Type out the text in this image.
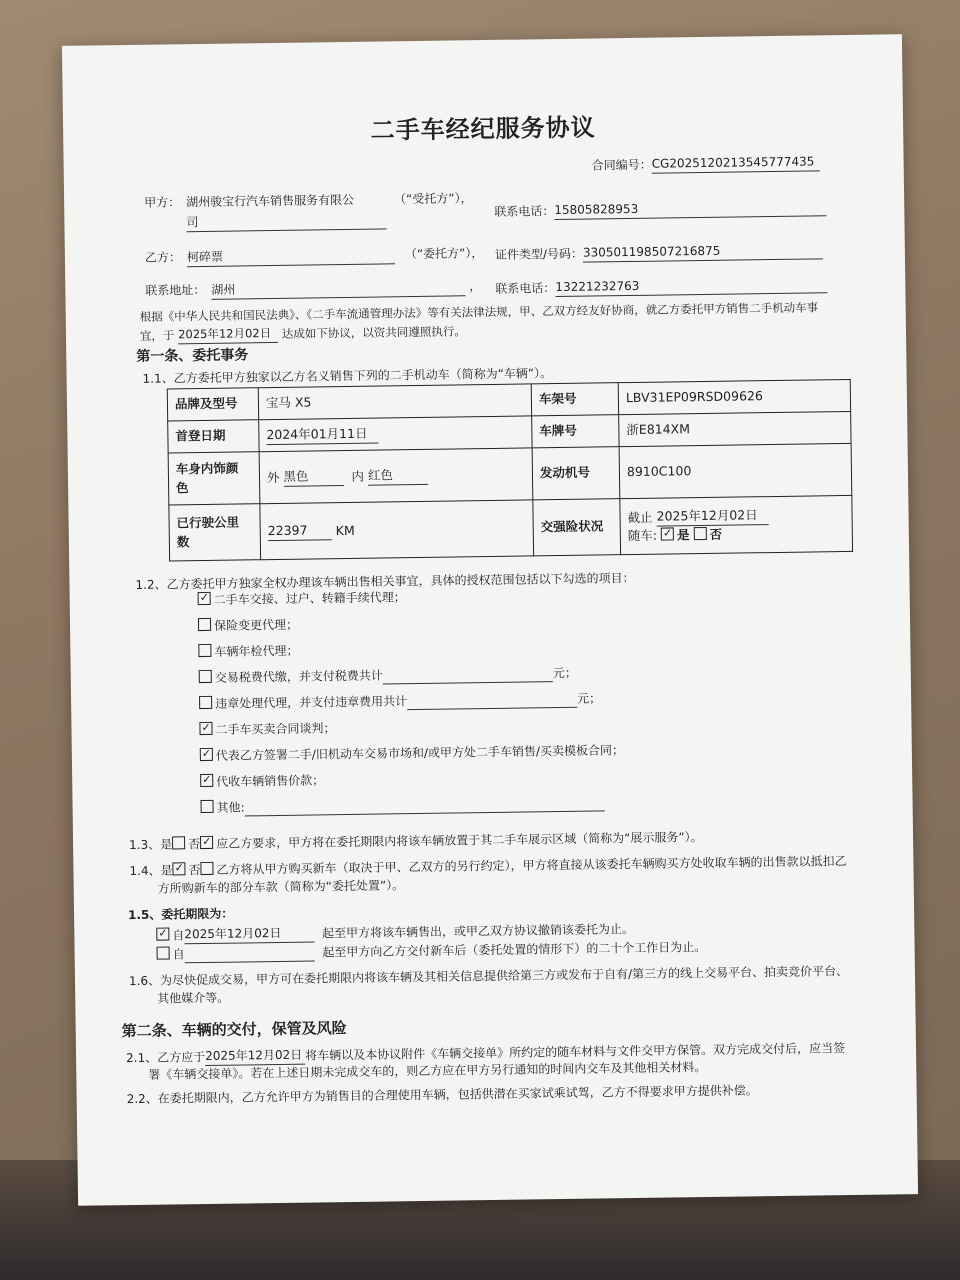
二手车经纪服务协议
合同编号：CG2025120213545777435
甲方： 湖州骏宝行汽车销售服务有限公
司
（“受托方”），
联系电话：15805828953
乙方： 柯碎票	（“委托方”）， 证件类型/号码：330501198507216875
联系地址： 湖州	， 联系电话：13221232763
根据《中华人民共和国民法典》、《二手车流通管理办法》等有关法律法规，甲、乙双方经友好协商，就乙方委托甲方销售二手机动车事
宜，于 2025年12月02日 达成如下协议，以资共同遵照执行。
第一条、委托事务
1.1、乙方委托甲方独家以乙方名义销售下列的二手机动车（简称为“车辆”）。
品牌及型号	宝马 X5	车架号	LBV31EP09RSD09626
首登日期	2024年01月11日	车牌号	浙E814XM

车身内饰颜色	外 黑色 内 红色	发动机号	8910C100

已行驶公里数	22397 KM	交强险状况	截止 2025年12月02日
随车: ✓ 是 否
1.2、乙方委托甲方独家全权办理该车辆出售相关事宜，具体的授权范围包括以下勾选的项目：
✓二手车交接、过户、转籍手续代理；
保险变更代理；
车辆年检代理；
交易税费代缴，并支付税费共计	元；
违章处理代理，并支付违章费用共计	元；
✓二手车买卖合同谈判；
✓代表乙方签署二手/旧机动车交易市场和/或甲方处二手车销售/买卖模板合同；
✓代收车辆销售价款；
其他:
1.3、是 否 ✓ 应乙方要求，甲方将在委托期限内将该车辆放置于其二手车展示区域（简称为“展示服务”）。
1.4、是 ✓ 否 乙方将从甲方购买新车（取决于甲、乙双方的另行约定），甲方将直接从该委托车辆购买方处收取车辆的出售款以抵扣乙
方所购新车的部分车款（简称为“委托处置”）。
1.5、委托期限为：
✓自2025年12月02日	起至甲方将该车辆售出，或甲乙双方协议撤销该委托为止。
自	起至甲方向乙方交付新车后（委托处置的情形下）的二十个工作日为止。
1.6、为尽快促成交易，甲方可在委托期限内将该车辆及其相关信息提供给第三方或发布于自有/第三方的线上交易平台、拍卖竞价平台、
其他媒介等。
第二条、车辆的交付，保管及风险
2.1、乙方应于2025年12月02日 将车辆以及本协议附件《车辆交接单》所约定的随车材料与文件交甲方保管。双方完成交付后，应当签
署《车辆交接单》。若在上述日期未完成交车的，则乙方应在甲方另行通知的时间内交车及其他相关材料。
2.2、在委托期限内，乙方允许甲方为销售目的合理使用车辆，包括供潜在买家试乘试驾，乙方不得要求甲方提供补偿。
